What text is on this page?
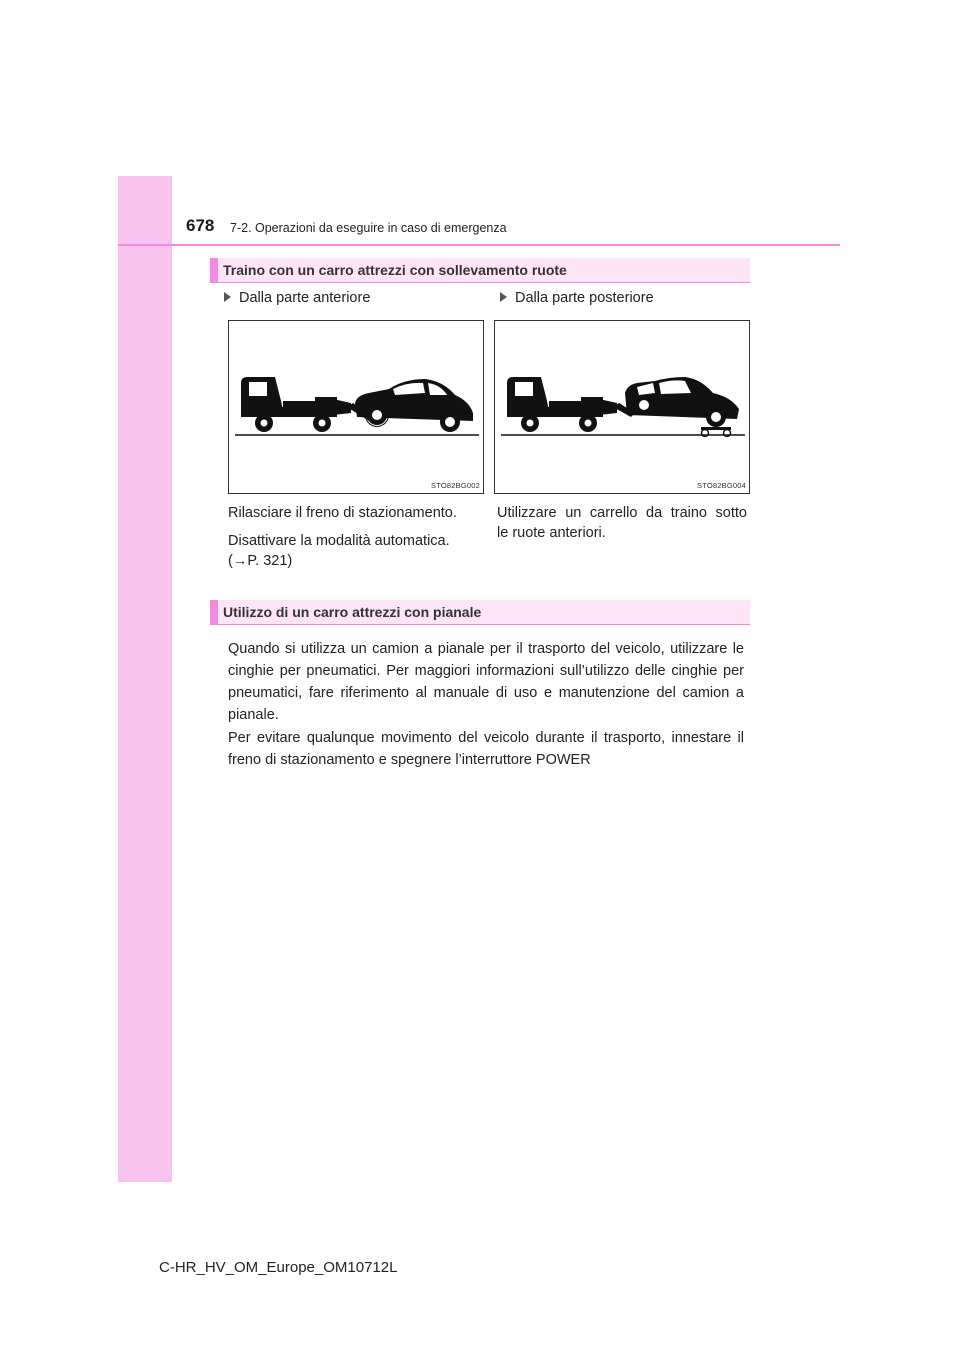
678 7-2. Operazioni da eseguire in caso di emergenza
Traino con un carro attrezzi con sollevamento ruote
Dalla parte anteriore	Dalla parte posteriore
STO82BG002	STO82BG004

Rilasciare il freno di stazionamento.

Disattivare la modalità automatica.

(→P. 321)

Utilizzare un carrello da traino sotto

le ruote anteriori.

Utilizzo di un carro attrezzi con pianale

Quando si utilizza un camion a pianale per il trasporto del veicolo, utilizzare le cinghie per pneumatici. Per maggiori informazioni sull’utilizzo delle cinghie per pneumatici, fare riferimento al manuale di uso e manutenzione del camion a pianale.

Per evitare qualunque movimento del veicolo durante il trasporto, innestare il freno di stazionamento e spegnere l’interruttore POWER

C-HR_HV_OM_Europe_OM10712L
